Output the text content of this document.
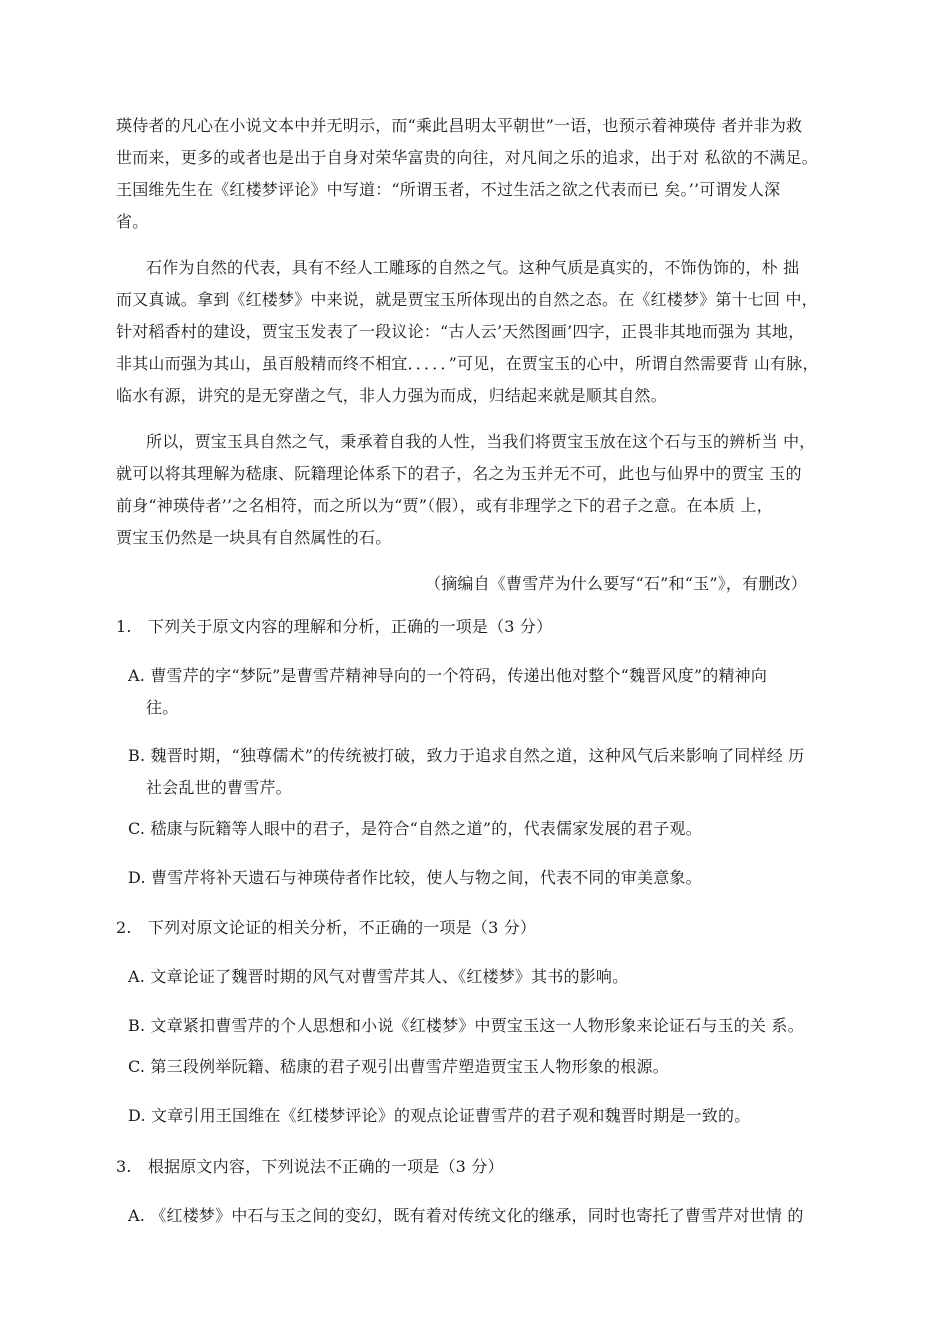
瑛侍者的凡心在小说文本中并无明示，而“乘此昌明太平朝世”一语，也预示着神瑛侍 者并非为救
世而来，更多的或者也是出于自身对荣华富贵的向往，对凡间之乐的追求，出于对 私欲的不满足。
王国维先生在《红楼梦评论》中写道：“所谓玉者，不过生活之欲之代表而已 矣。’’可谓发人深
省。
石作为自然的代表，具有不经人工雕琢的自然之气。这种气质是真实的，不饰伪饰的，朴 拙
而又真诚。拿到《红楼梦》中来说，就是贾宝玉所体现出的自然之态。在《红楼梦》第十七回 中，
针对稻香村的建设，贾宝玉发表了一段议论：“古人云’天然图画’四字，正畏非其地而强为 其地，
非其山而强为其山，虽百般精而终不相宜．．．．．”可见，在贾宝玉的心中，所谓自然需要背 山有脉，
临水有源，讲究的是无穿凿之气，非人力强为而成，归结起来就是顺其自然。
所以，贾宝玉具自然之气，秉承着自我的人性，当我们将贾宝玉放在这个石与玉的辨析当 中，
就可以将其理解为嵇康、阮籍理论体系下的君子，名之为玉并无不可，此也与仙界中的贾宝 玉的
前身“神瑛侍者’’之名相符，而之所以为“贾”（假），或有非理学之下的君子之意。在本质 上，
贾宝玉仍然是一块具有自然属性的石。
（摘编自《曹雪芹为什么要写“石”和“玉”》，有删改）
1.　下列关于原文内容的理解和分析，正确的一项是（3 分）
A. 曹雪芹的字“梦阮”是曹雪芹精神导向的一个符码，传递出他对整个“魏晋风度”的精神向
往。
B. 魏晋时期，“独尊儒术”的传统被打破，致力于追求自然之道，这种风气后来影响了同样经 历
社会乱世的曹雪芹。
C. 嵇康与阮籍等人眼中的君子，是符合“自然之道”的，代表儒家发展的君子观。
D. 曹雪芹将补天遗石与神瑛侍者作比较，使人与物之间，代表不同的审美意象。
2.　下列对原文论证的相关分析，不正确的一项是（3 分）
A. 文章论证了魏晋时期的风气对曹雪芹其人、《红楼梦》其书的影响。
B. 文章紧扣曹雪芹的个人思想和小说《红楼梦》中贾宝玉这一人物形象来论证石与玉的关 系。
C. 第三段例举阮籍、嵇康的君子观引出曹雪芹塑造贾宝玉人物形象的根源。
D. 文章引用王国维在《红楼梦评论》的观点论证曹雪芹的君子观和魏晋时期是一致的。
3.　根据原文内容，下列说法不正确的一项是（3 分）
A. 《红楼梦》中石与玉之间的变幻，既有着对传统文化的继承，同时也寄托了曹雪芹对世情 的
